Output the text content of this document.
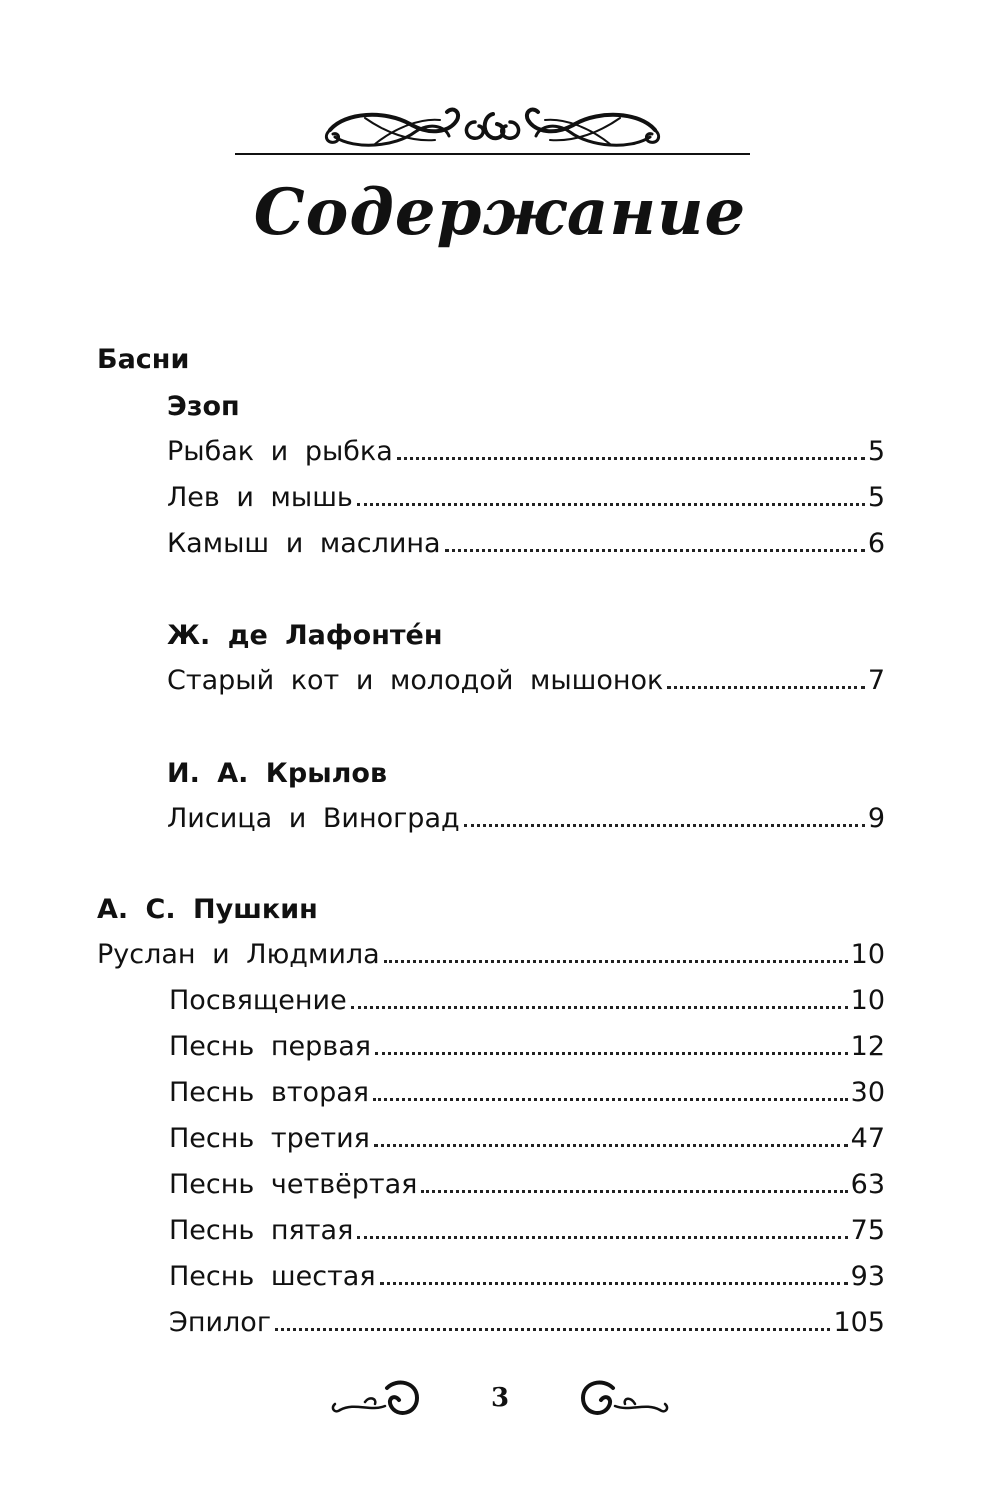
Содержание
Басни
Эзоп
Рыбак и рыбка	5
Лев и мышь	5
Камыш и маслина	6
Ж. де Лафонте́н
Старый кот и молодой мышонок	7
И. А. Крылов
Лисица и Виноград	9
А. С. Пушкин
Руслан и Людмила	10
Посвящение	10
Песнь первая	12
Песнь вторая	30
Песнь третия	47
Песнь четвёртая	63
Песнь пятая	75
Песнь шестая	93
Эпилог	105
3
